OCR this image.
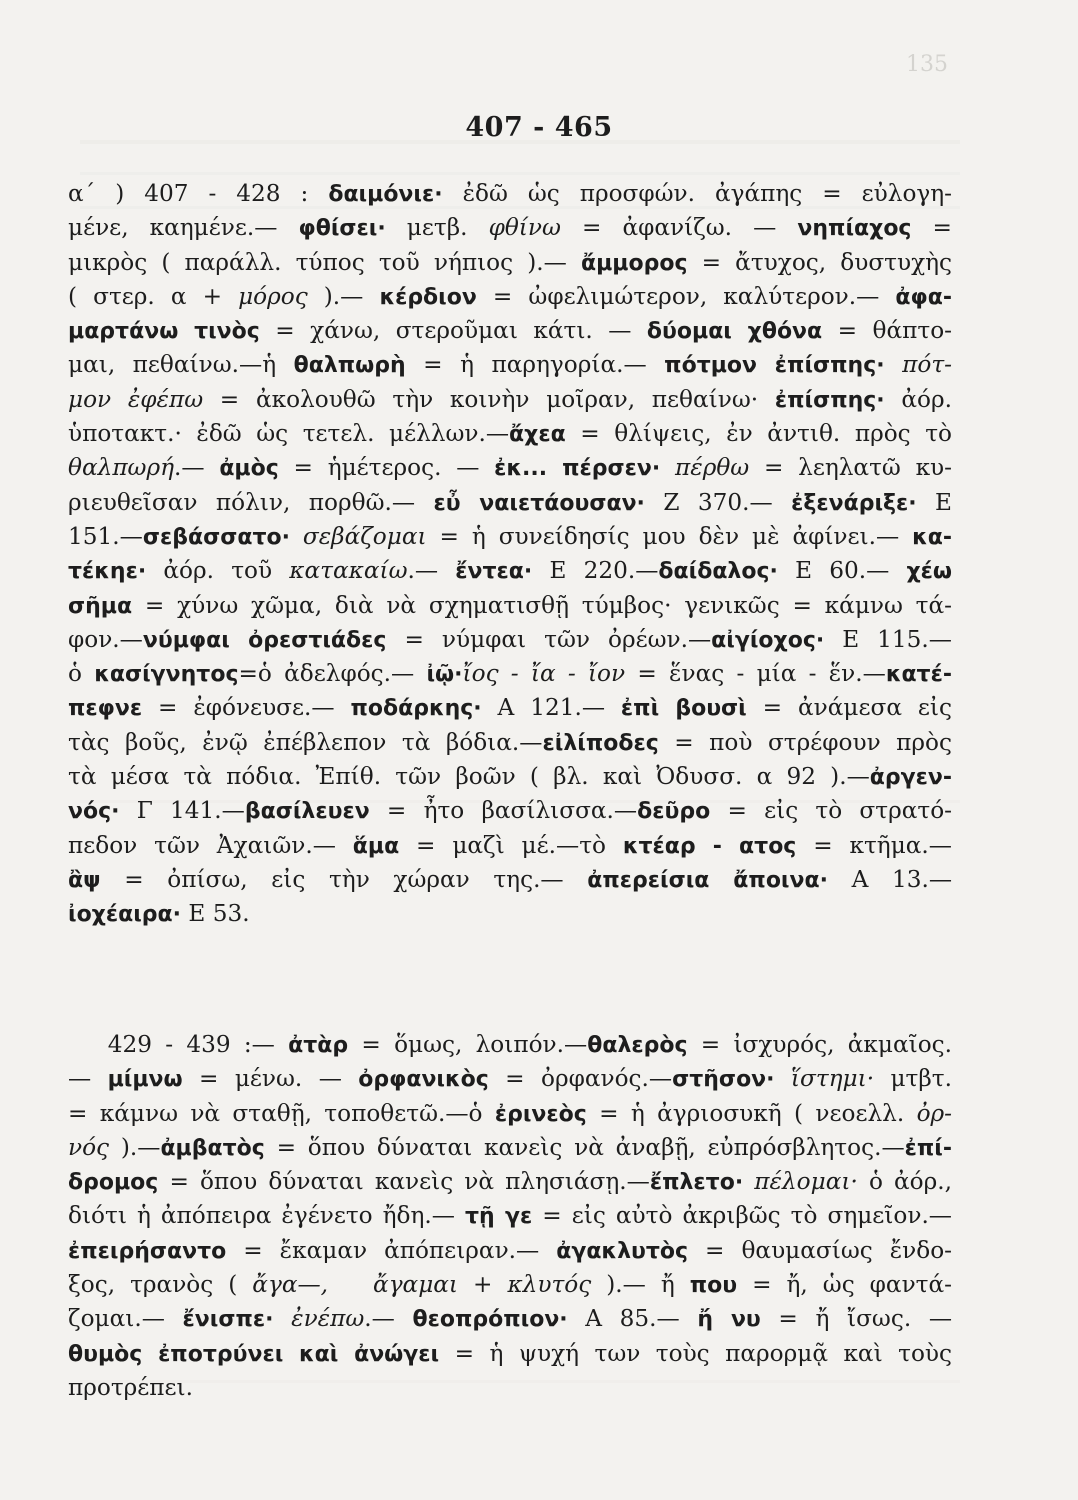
135
407 - 465
α΄ ) 407 - 428 : δαιμόνιε· ἐδῶ ὡς προσφών. ἀγάπης = εὐλογη-
μένε, καημένε.— φθίσει· μετβ. φθίνω = ἀφανίζω. — νηπίαχος =
μικρὸς ( παράλλ. τύπος τοῦ νήπιος ).— ἄμμορος = ἄτυχος, δυστυχὴς
( στερ. α + μόρος ).— κέρδιον = ὠφελιμώτερον, καλύτερον.— ἀφα-
μαρτάνω τινὸς = χάνω, στεροῦμαι κάτι. — δύομαι χθόνα = θάπτο-
μαι, πεθαίνω.—ἡ θαλπωρὴ = ἡ παρηγορία.— πότμον ἐπίσπης· πότ-
μον ἐφέπω = ἀκολουθῶ τὴν κοινὴν μοῖραν, πεθαίνω· ἐπίσπης· ἀόρ.
ὑποτακτ.· ἐδῶ ὡς τετελ. μέλλων.—ἄχεα = θλίψεις, ἐν ἀντιθ. πρὸς τὸ
θαλπωρή.— ἀμὸς = ἡμέτερος. — ἐκ... πέρσεν· πέρθω = λεηλατῶ κυ-
ριευθεῖσαν πόλιν, πορθῶ.— εὖ ναιετάουσαν· Ζ 370.— ἐξενάριξε· Ε
151.—σεβάσσατο· σεβάζομαι = ἡ συνείδησίς μου δὲν μὲ ἀφίνει.— κα-
τέκηε· ἀόρ. τοῦ κατακαίω.— ἔντεα· Ε 220.—δαίδαλος· Ε 60.— χέω
σῆμα = χύνω χῶμα, διὰ νὰ σχηματισθῇ τύμβος· γενικῶς = κάμνω τά-
φον.—νύμφαι ὀρεστιάδες = νύμφαι τῶν ὀρέων.—αἰγίοχος· Ε 115.—
ὁ κασίγνητος=ὁ ἀδελφός.— ἰῷ·ἴος - ἴα - ἴον = ἕνας - μία - ἕν.—κατέ-
πεφνε = ἐφόνευσε.— ποδάρκης· Α 121.— ἐπὶ βουσὶ = ἀνάμεσα εἰς
τὰς βοῦς, ἐνῷ ἐπέβλεπον τὰ βόδια.—εἰλίποδες = ποὺ στρέφουν πρὸς
τὰ μέσα τὰ πόδια. Ἐπίθ. τῶν βοῶν ( βλ. καὶ Ὀδυσσ. α 92 ).—ἀργεν-
νός· Γ 141.—βασίλευεν = ἦτο βασίλισσα.—δεῦρο = εἰς τὸ στρατό-
πεδον τῶν Ἀχαιῶν.— ἅμα = μαζὶ μέ.—τὸ κτέαρ - ατος = κτῆμα.—
ἂψ = ὀπίσω, εἰς τὴν χώραν της.— ἀπερείσια ἄποινα· Α 13.—
ἰοχέαιρα· Ε 53.
429 - 439 :— ἀτὰρ = ὅμως, λοιπόν.—θαλερὸς = ἰσχυρός, ἀκμαῖος.
— μίμνω = μένω. — ὀρφανικὸς = ὀρφανός.—στῆσον· ἵστημι· μτβτ.
= κάμνω νὰ σταθῇ, τοποθετῶ.—ὁ ἐρινεὸς = ἡ ἀγριοσυκῆ ( νεοελλ. ὀρ-
νός ).—ἀμβατὸς = ὅπου δύναται κανεὶς νὰ ἀναβῇ, εὐπρόσβλητος.—ἐπί-
δρομος = ὅπου δύναται κανεὶς νὰ πλησιάσῃ.—ἔπλετο· πέλομαι· ὁ ἀόρ.,
διότι ἡ ἀπόπειρα ἐγένετο ἤδη.— τῇ γε = εἰς αὐτὸ ἀκριβῶς τὸ σημεῖον.—
ἐπειρήσαντο = ἔκαμαν ἀπόπειραν.— ἀγακλυτὸς = θαυμασίως ἔνδο-
ξος, τρανὸς ( ἄγα—, ἄγαμαι + κλυτός ).— ἤ που = ἤ, ὡς φαντά-
ζομαι.— ἔνισπε· ἐνέπω.— θεοπρόπιον· Α 85.— ἤ νυ = ἤ ἴσως. —
θυμὸς ἐποτρύνει καὶ ἀνώγει = ἡ ψυχή των τοὺς παρορμᾷ καὶ τοὺς
προτρέπει.
